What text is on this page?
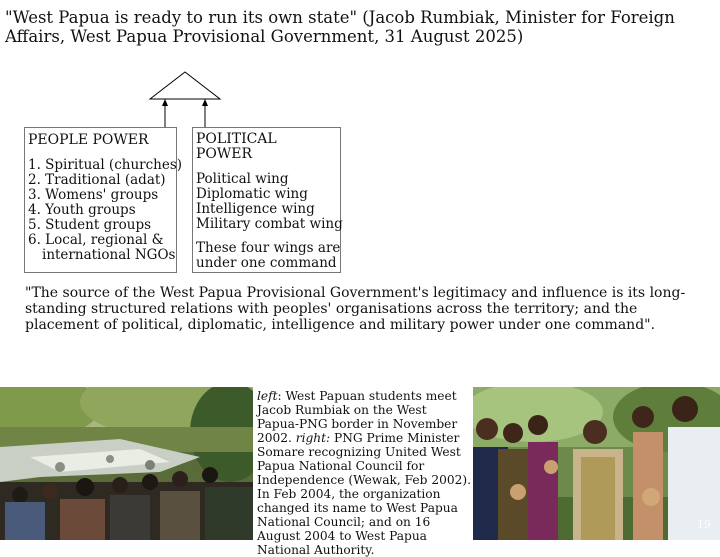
"West Papua is ready to run its own state" (Jacob Rumbiak, Minister for Foreign Affairs, West Papua Provisional Government, 31 August 2025)
PEOPLE POWER
1. Spiritual (churches)
2. Traditional (adat)
3. Womens' groups
4. Youth groups
5. Student groups
6. Local, regional &
international NGOs
POLITICAL POWER
Political wing
Diplomatic wing
Intelligence wing
Military combat wing
These four wings are
under one command
"The source of the West Papua Provisional Government's legitimacy and influence is its long-standing structured relations with peoples' organisations across the territory; and the placement of political, diplomatic, intelligence and military power under one command".
left: West Papuan students meet Jacob Rumbiak on the West Papua-PNG border in November 2002. right: PNG Prime Minister Somare recognizing United West Papua National Council for Independence (Wewak, Feb 2002). In Feb 2004, the organization changed its name to West Papua National Council; and on 16 August 2004 to West Papua National Authority.
19
